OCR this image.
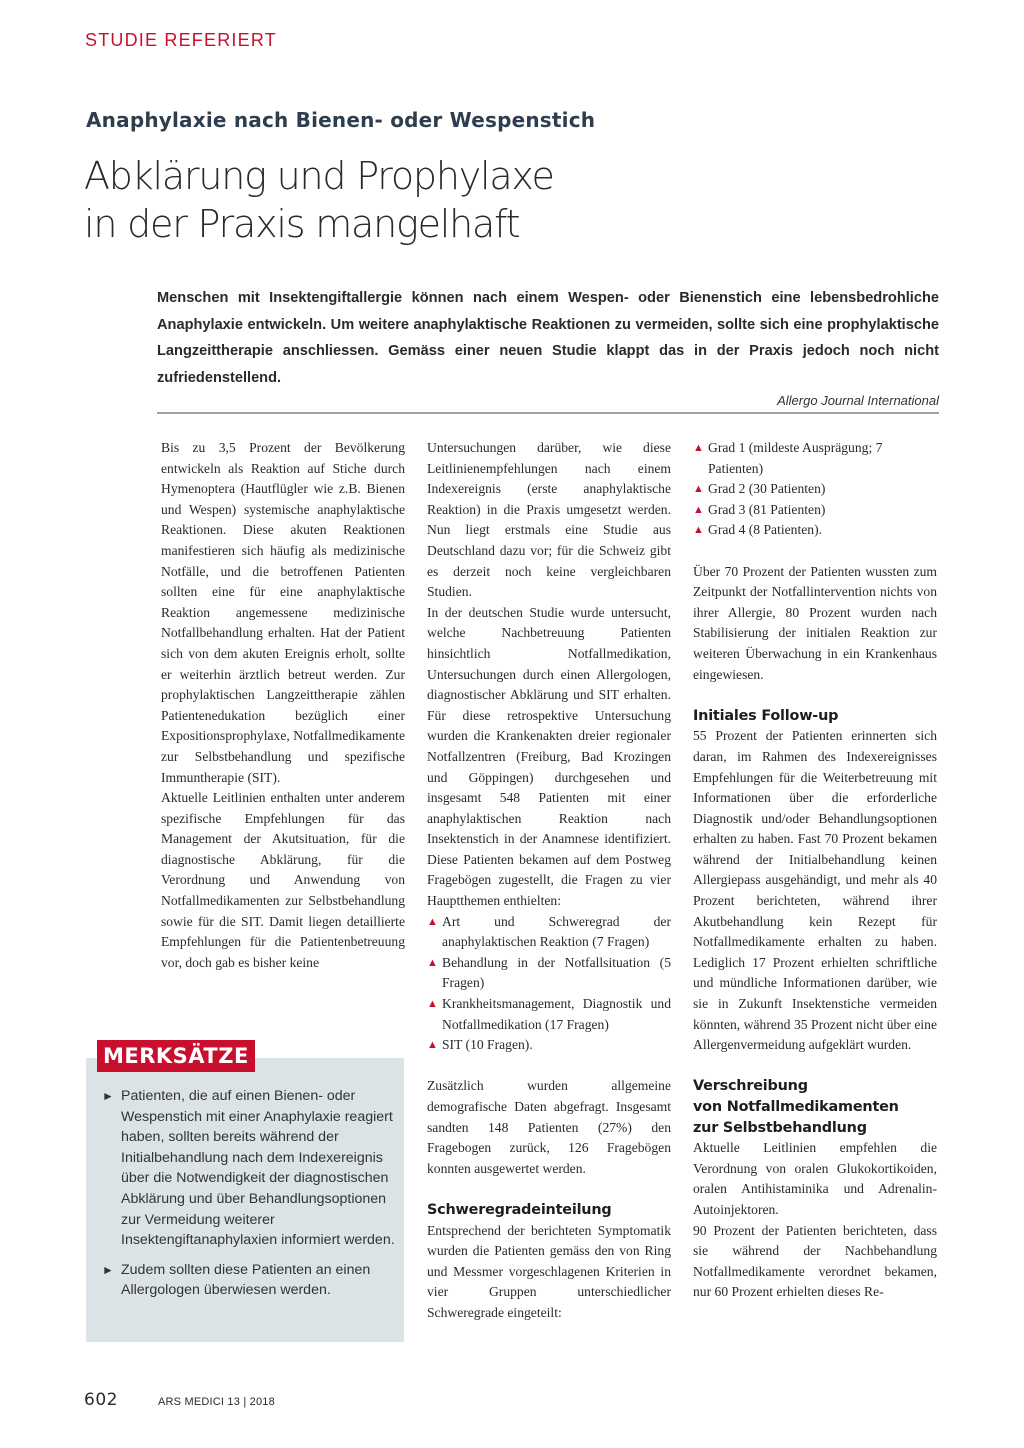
STUDIE REFERIERT
Anaphylaxie nach Bienen- oder Wespenstich
Abklärung und Prophylaxe
in der Praxis mangelhaft
Menschen mit Insektengiftallergie können nach einem Wespen- oder Bienenstich eine lebensbedrohliche Anaphylaxie entwickeln. Um weitere anaphylaktische Reaktionen zu vermeiden, sollte sich eine prophylaktische Langzeittherapie anschliessen. Gemäss einer neuen Studie klappt das in der Praxis jedoch noch nicht zufriedenstellend.
Allergo Journal International

Bis zu 3,5 Prozent der Bevölkerung entwickeln als Reaktion auf Stiche durch Hymenoptera (Hautflügler wie z.B. Bienen und Wespen) systemische anaphylaktische Reaktionen. Diese akuten Reaktionen manifestieren sich häufig als medizinische Notfälle, und die betroffenen Patienten sollten eine für eine anaphylaktische Reaktion angemessene medizinische Notfallbehandlung erhalten. Hat der Patient sich von dem akuten Ereignis erholt, sollte er weiterhin ärztlich betreut werden. Zur prophylaktischen Langzeittherapie zählen Patientenedukation bezüglich einer Expositionsprophylaxe, Notfallmedikamente zur Selbstbehandlung und spezifische Immuntherapie (SIT).

Aktuelle Leitlinien enthalten unter anderem spezifische Empfehlungen für das Management der Akutsituation, für die diagnostische Abklärung, für die Verordnung und Anwendung von Notfallmedikamenten zur Selbstbehandlung sowie für die SIT. Damit liegen detaillierte Empfehlungen für die Patientenbetreuung vor, doch gab es bisher keine

Untersuchungen darüber, wie diese Leitlinienempfehlungen nach einem Indexereignis (erste anaphylaktische Reaktion) in die Praxis umgesetzt werden. Nun liegt erstmals eine Studie aus Deutschland dazu vor; für die Schweiz gibt es derzeit noch keine vergleichbaren Studien.

In der deutschen Studie wurde untersucht, welche Nachbetreuung Patienten hinsichtlich Notfallmedikation, Untersuchungen durch einen Allergologen, diagnostischer Abklärung und SIT erhalten. Für diese retrospektive Untersuchung wurden die Krankenakten dreier regionaler Notfallzentren (Freiburg, Bad Krozingen und Göppingen) durchgesehen und insgesamt 548 Patienten mit einer anaphylaktischen Reaktion nach Insektenstich in der Anamnese identifiziert. Diese Patienten bekamen auf dem Postweg Fragebögen zugestellt, die Fragen zu vier Hauptthemen enthielten:

▲ Art und Schweregrad der anaphylaktischen Reaktion (7 Fragen)
▲ Behandlung in der Notfallsituation (5 Fragen)
▲ Krankheitsmanagement, Diagnostik und Notfallmedikation (17 Fragen)
▲ SIT (10 Fragen).

Zusätzlich wurden allgemeine demografische Daten abgefragt. Insgesamt sandten 148 Patienten (27%) den Fragebogen zurück, 126 Fragebögen konnten ausgewertet werden.

Schweregradeinteilung

Entsprechend der berichteten Symptomatik wurden die Patienten gemäss den von Ring und Messmer vorgeschlagenen Kriterien in vier Gruppen unterschiedlicher Schweregrade eingeteilt:

▲ Grad 1 (mildeste Ausprägung; 7 Patienten)
▲ Grad 2 (30 Patienten)
▲ Grad 3 (81 Patienten)
▲ Grad 4 (8 Patienten).

Über 70 Prozent der Patienten wussten zum Zeitpunkt der Notfallintervention nichts von ihrer Allergie, 80 Prozent wurden nach Stabilisierung der initialen Reaktion zur weiteren Überwachung in ein Krankenhaus eingewiesen.

Initiales Follow-up

55 Prozent der Patienten erinnerten sich daran, im Rahmen des Indexereignisses Empfehlungen für die Weiterbetreuung mit Informationen über die erforderliche Diagnostik und/oder Behandlungsoptionen erhalten zu haben. Fast 70 Prozent bekamen während der Initialbehandlung keinen Allergiepass ausgehändigt, und mehr als 40 Prozent berichteten, während ihrer Akutbehandlung kein Rezept für Notfallmedikamente erhalten zu haben. Lediglich 17 Prozent erhielten schriftliche und mündliche Informationen darüber, wie sie in Zukunft Insektenstiche vermeiden könnten, während 35 Prozent nicht über eine Allergenvermeidung aufgeklärt wurden.

Verschreibung
von Notfallmedikamenten
zur Selbstbehandlung

Aktuelle Leitlinien empfehlen die Verordnung von oralen Glukokortikoiden, oralen Antihistaminika und Adrenalin-Autoinjektoren.

90 Prozent der Patienten berichteten, dass sie während der Nachbehandlung Notfallmedikamente verordnet bekamen, nur 60 Prozent erhielten dieses Re-

MERKSÄTZE
► Patienten, die auf einen Bienen- oder Wespenstich mit einer Anaphylaxie reagiert haben, sollten bereits während der Initialbehandlung nach dem Indexereignis über die Notwendigkeit der diagnostischen Abklärung und über Behandlungsoptionen zur Vermeidung weiterer Insektengiftanaphylaxien informiert werden.
► Zudem sollten diese Patienten an einen Allergologen überwiesen werden.
602	ARS MEDICI 13 | 2018
